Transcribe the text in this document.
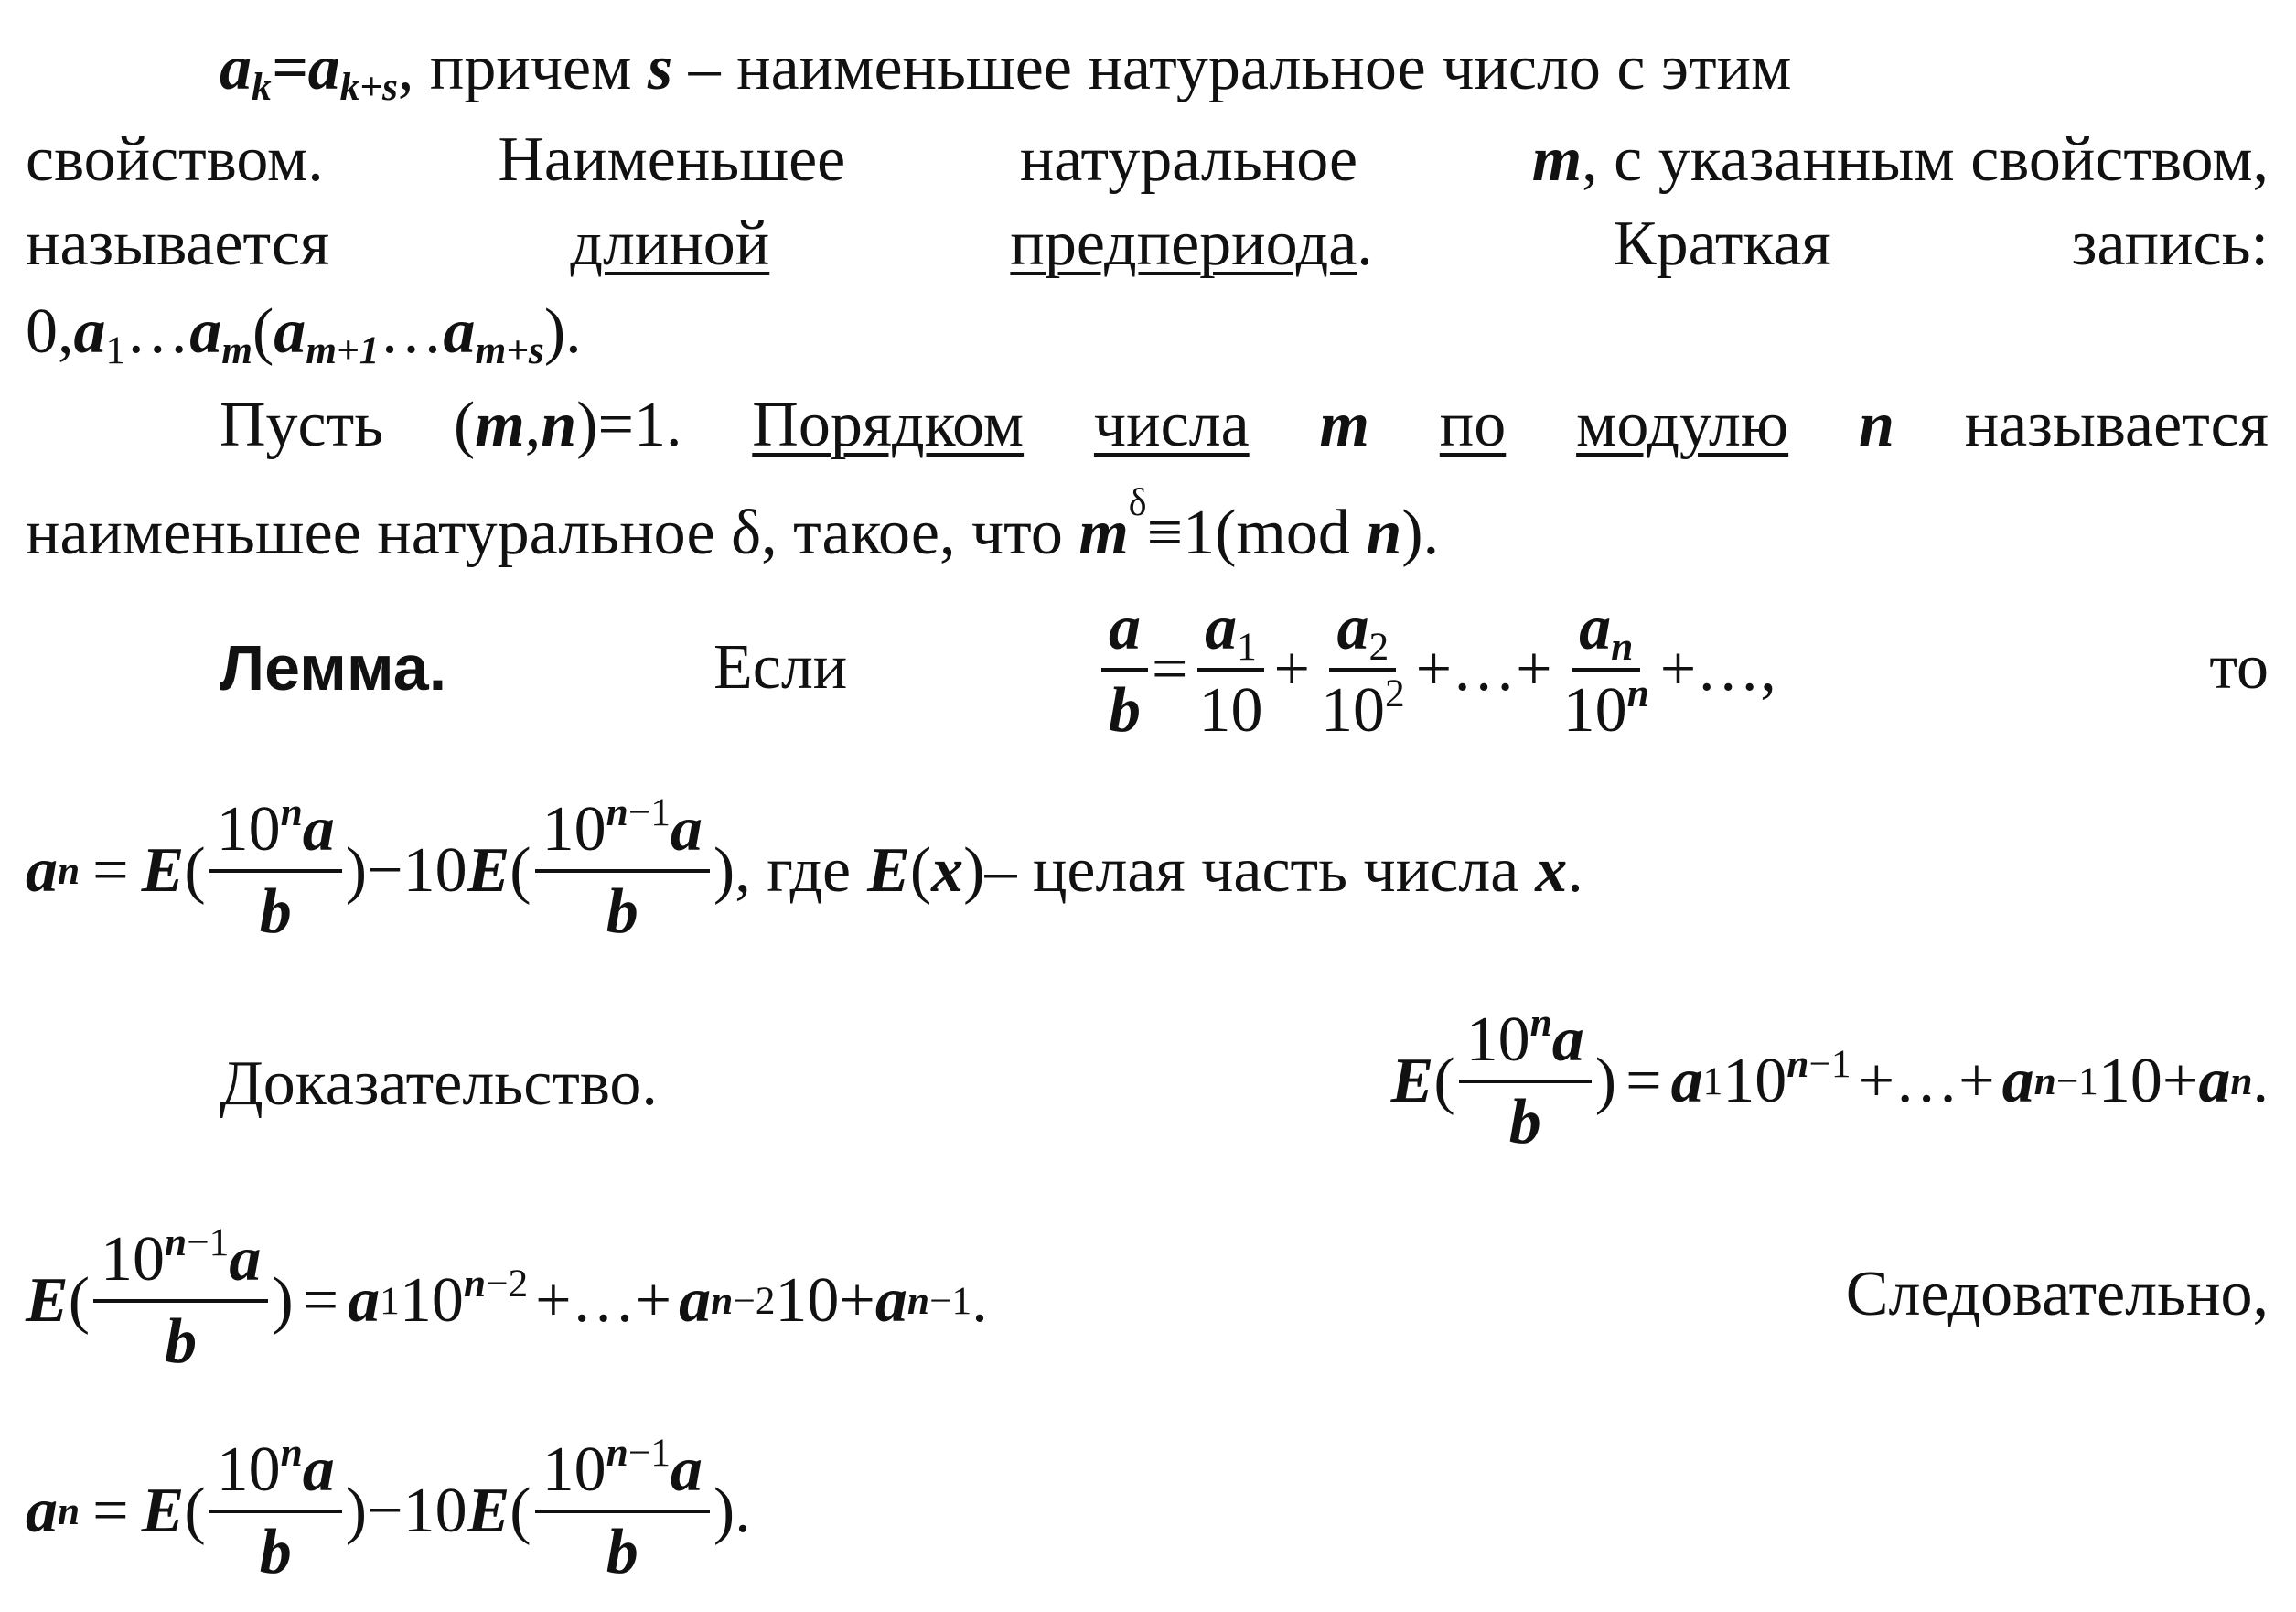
$a_k=a_{k+s}$, причем s – наименьшее натуральное число с этим
свойством.	Наименьшее	натуральное	m, с указанным свойством,
называется	длиной	предпериода.	Краткая	запись:
$0,a_1\dots a_m(a_{m+1}\dots a_{m+s})$.
Пусть (m,n)=1. Порядком числа m по модулю n называется
наименьшее натуральное δ, такое, что $m^\delta\equiv 1(mod$ n).
Лемма.	Если	$\frac{a}{b} = \frac{a_1}{10} + \frac{a_2}{10^2}$ +…+ $\frac{a_n}{10^n}$ +…,	то
a n = E ( $\frac{10^na}{b} )-10$ E ( $\frac{10^{n-1}a}{b}$ ) , где E ( x ) – целая часть числа x .
Доказательство.	E ( $\frac{10^na}{b}$ ) = a 1 $10^{n-1}$ +…+ a n−1 10+ a n .
E ( $\frac{10^{n-1}a}{b}$ ) = a 1 $10^{n-2}$ +…+ a n−2 10+ a n−1 .	Следовательно,
a n = E ( $\frac{10^na}{b} )-10$ E ( $\frac{10^{n-1}a}{b}$ ).
